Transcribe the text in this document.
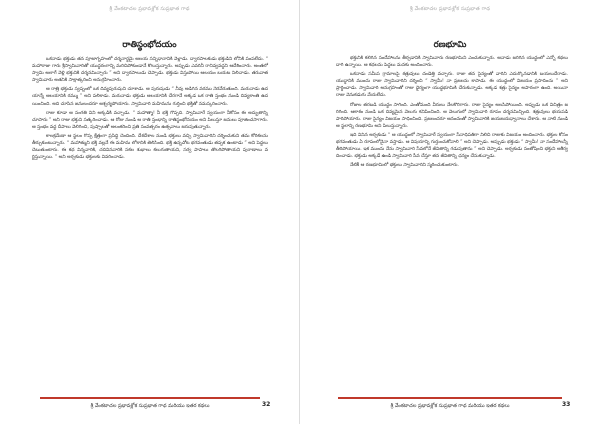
శ్రీ వేంకటాచల ప్రభావశ్లోక సుప్రభాత గాథ
రాతిస్థంభోదయం

ఒకనాడు భక్తుడు తన పూజాగృహంలో దర్శనార్థమై ఆలయ సన్నిధానానికి వెళ్లాడు. ద్వారపాలకుడు భక్తుడిని లోనికి పంపలేదు. “ మహారాజు గారు శ్రీస్వామివారితో యుద్ధరంగాన్ని మరిచిపోకుండానే కొలుస్తున్నారు. అప్పుడు ఎవరినీ రానివ్వవద్దని ఆదేశించారు. అంతలో స్వామి అలాగే వెళ్లి భక్తునికి దర్శనమిచ్చారు ” అని ద్వారపాలుడు చెప్పాడు. భక్తుడు విస్తుపోయి ఆలయం బయట నిలిచాడు. తరువాత స్వామివారు అతనికి సాక్షాత్కరించి అనుగ్రహించారు.

ఆ రాత్రి భక్తుడు స్వప్నంలో ఒక దివ్యపురుషుని చూశాడు. ఆ పురుషుడు “ నీవు అడిగిన వరము నెరవేరుతుంది. మరునాడు ఉదయాన్నే ఆలయానికి రమ్ము ” అని పలికాడు. మరునాడు భక్తుడు ఆలయానికి చేరగానే అక్కడ ఒక రాతి స్తంభం నుండి దివ్యకాంతి ఉదయించింది. అది చూసిన జనులందరూ ఆశ్చర్యపోయారు. స్వామివారి మహిమను గుర్తించి భక్తితో నమస్కరించారు.

రాజు కూడా ఆ సంగతి విని అక్కడికి వచ్చాడు. “ మహాత్మా! నీ భక్తి గొప్పది. స్వామివారే స్వయంగా నీకోసం ఈ అద్భుతాన్ని చూపారు ” అని రాజు భక్తుని సత్కరించాడు. ఆ రోజు నుండి ఆ రాతి స్తంభాన్ని రాతిస్థంభోదయం అని పిలుస్తూ జనులు పూజించసాగారు. ఆ స్తంభం వద్ద దీపాలు వెలిగించి, పుష్పాలతో అలంకరించి ప్రతి సంవత్సరం ఉత్సవాలు జరుపుతున్నారు.

కాలక్రమేణా ఆ స్థలం గొప్ప క్షేత్రంగా ప్రసిద్ధి చెందింది. దేశదేశాల నుండి భక్తులు వచ్చి స్వామివారిని దర్శించుకుని తమ కోరికలను తీర్చుకుంటున్నారు. “ మహాత్ముని భక్తి వల్లనే ఈ మహిమ లోకానికి తెలిసింది. భక్తి ఉన్నచోట భగవంతుడు తప్పక ఉంటాడు ” అని పెద్దలు చెబుతుంటారు. ఈ కథ విన్నవారికి, చదివినవారికి సకల శుభాలు కలుగుతాయని, సర్వ పాపాలు తొలగిపోతాయని పురాణాలు వర్ణిస్తున్నాయి. ” అని అర్చకుడు భక్తులకు వివరించాడు.

శ్రీ వేంకటాచల ప్రభావశ్లోక సుప్రభాత గాథ మరియు ఇతర కథలు	32
శ్రీ వేంకటాచల ప్రభావశ్లోక సుప్రభాత గాథ
రణభూమి

భక్తునికి కలిగిన సందేహాలను తీర్చడానికి స్వామివారు రణభూమిని ఎంచుకున్నారు. ఆనాడు జరిగిన యుద్ధంలో ఎన్నో కథలు దాగి ఉన్నాయి. ఆ కథలను పెద్దలు మనకు అందించారు.

ఒకనాడు సమీప గ్రామాలపై శత్రువులు దండెత్తి వచ్చారు. రాజు తన సైన్యంతో వారిని ఎదుర్కొనడానికి బయలుదేరాడు. యుద్ధానికి ముందు రాజు స్వామివారిని దర్శించి “ స్వామీ! నా ప్రజలను కాపాడు. ఈ యుద్ధంలో విజయం ప్రసాదించు ” అని ప్రార్థించాడు. స్వామివారి అనుగ్రహంతో రాజు ధైర్యంగా యుద్ధభూమికి చేరుకున్నాడు. అక్కడ శత్రు సైన్యం అపారంగా ఉంది. అయినా రాజు వెనుకడుగు వేయలేదు.

రోజుల తరబడి యుద్ధం సాగింది. ఎంతోమంది వీరులు నేలకొరిగారు. రాజు సైన్యం అలసిపోయింది. అప్పుడు ఒక విచిత్రం జరిగింది. ఆకాశం నుండి ఒక దివ్యమైన వెలుగు కనిపించింది. ఆ వెలుగులో స్వామివారి రూపం దర్శనమిచ్చింది. శత్రువులు భయపడి పారిపోయారు. రాజు సైన్యం విజయం సాధించింది. ప్రజలందరూ ఆనందంతో స్వామివారికి జయజయధ్వానాలు చేశారు. ఆ నాటి నుండి ఆ స్థలాన్ని రణభూమి అని పిలుస్తున్నారు.

ఇది వినిన అర్చకుడు “ ఆ యుద్ధంలో స్వామివారే స్వయంగా సేనాధిపతిగా నిలిచి రాజుకు విజయం అందించారు. భక్తుల కోసం భగవంతుడు ఏ రూపంలోనైనా వస్తాడు. ఆ విషయాన్ని గుర్తుంచుకోవాలి ” అని చెప్పాడు. అప్పుడు భక్తుడు “ స్వామీ! నా సందేహాలన్నీ తీరిపోయాయి. ఇక ముందు నేను స్వామివారి సేవలోనే జీవితాన్ని గడుపుతాను ” అని చెప్పాడు. అర్చకుడు సంతోషించి భక్తుని ఆశీర్వదించాడు. భక్తుడు అక్కడే ఉండి స్వామివారి సేవ చేస్తూ తన జీవితాన్ని ధన్యం చేసుకున్నాడు.

నేటికీ ఆ రణభూమిలో భక్తులు స్వామివారిని స్మరించుకుంటారు.

శ్రీ వేంకటాచల ప్రభావశ్లోక సుప్రభాత గాథ మరియు ఇతర కథలు	33
